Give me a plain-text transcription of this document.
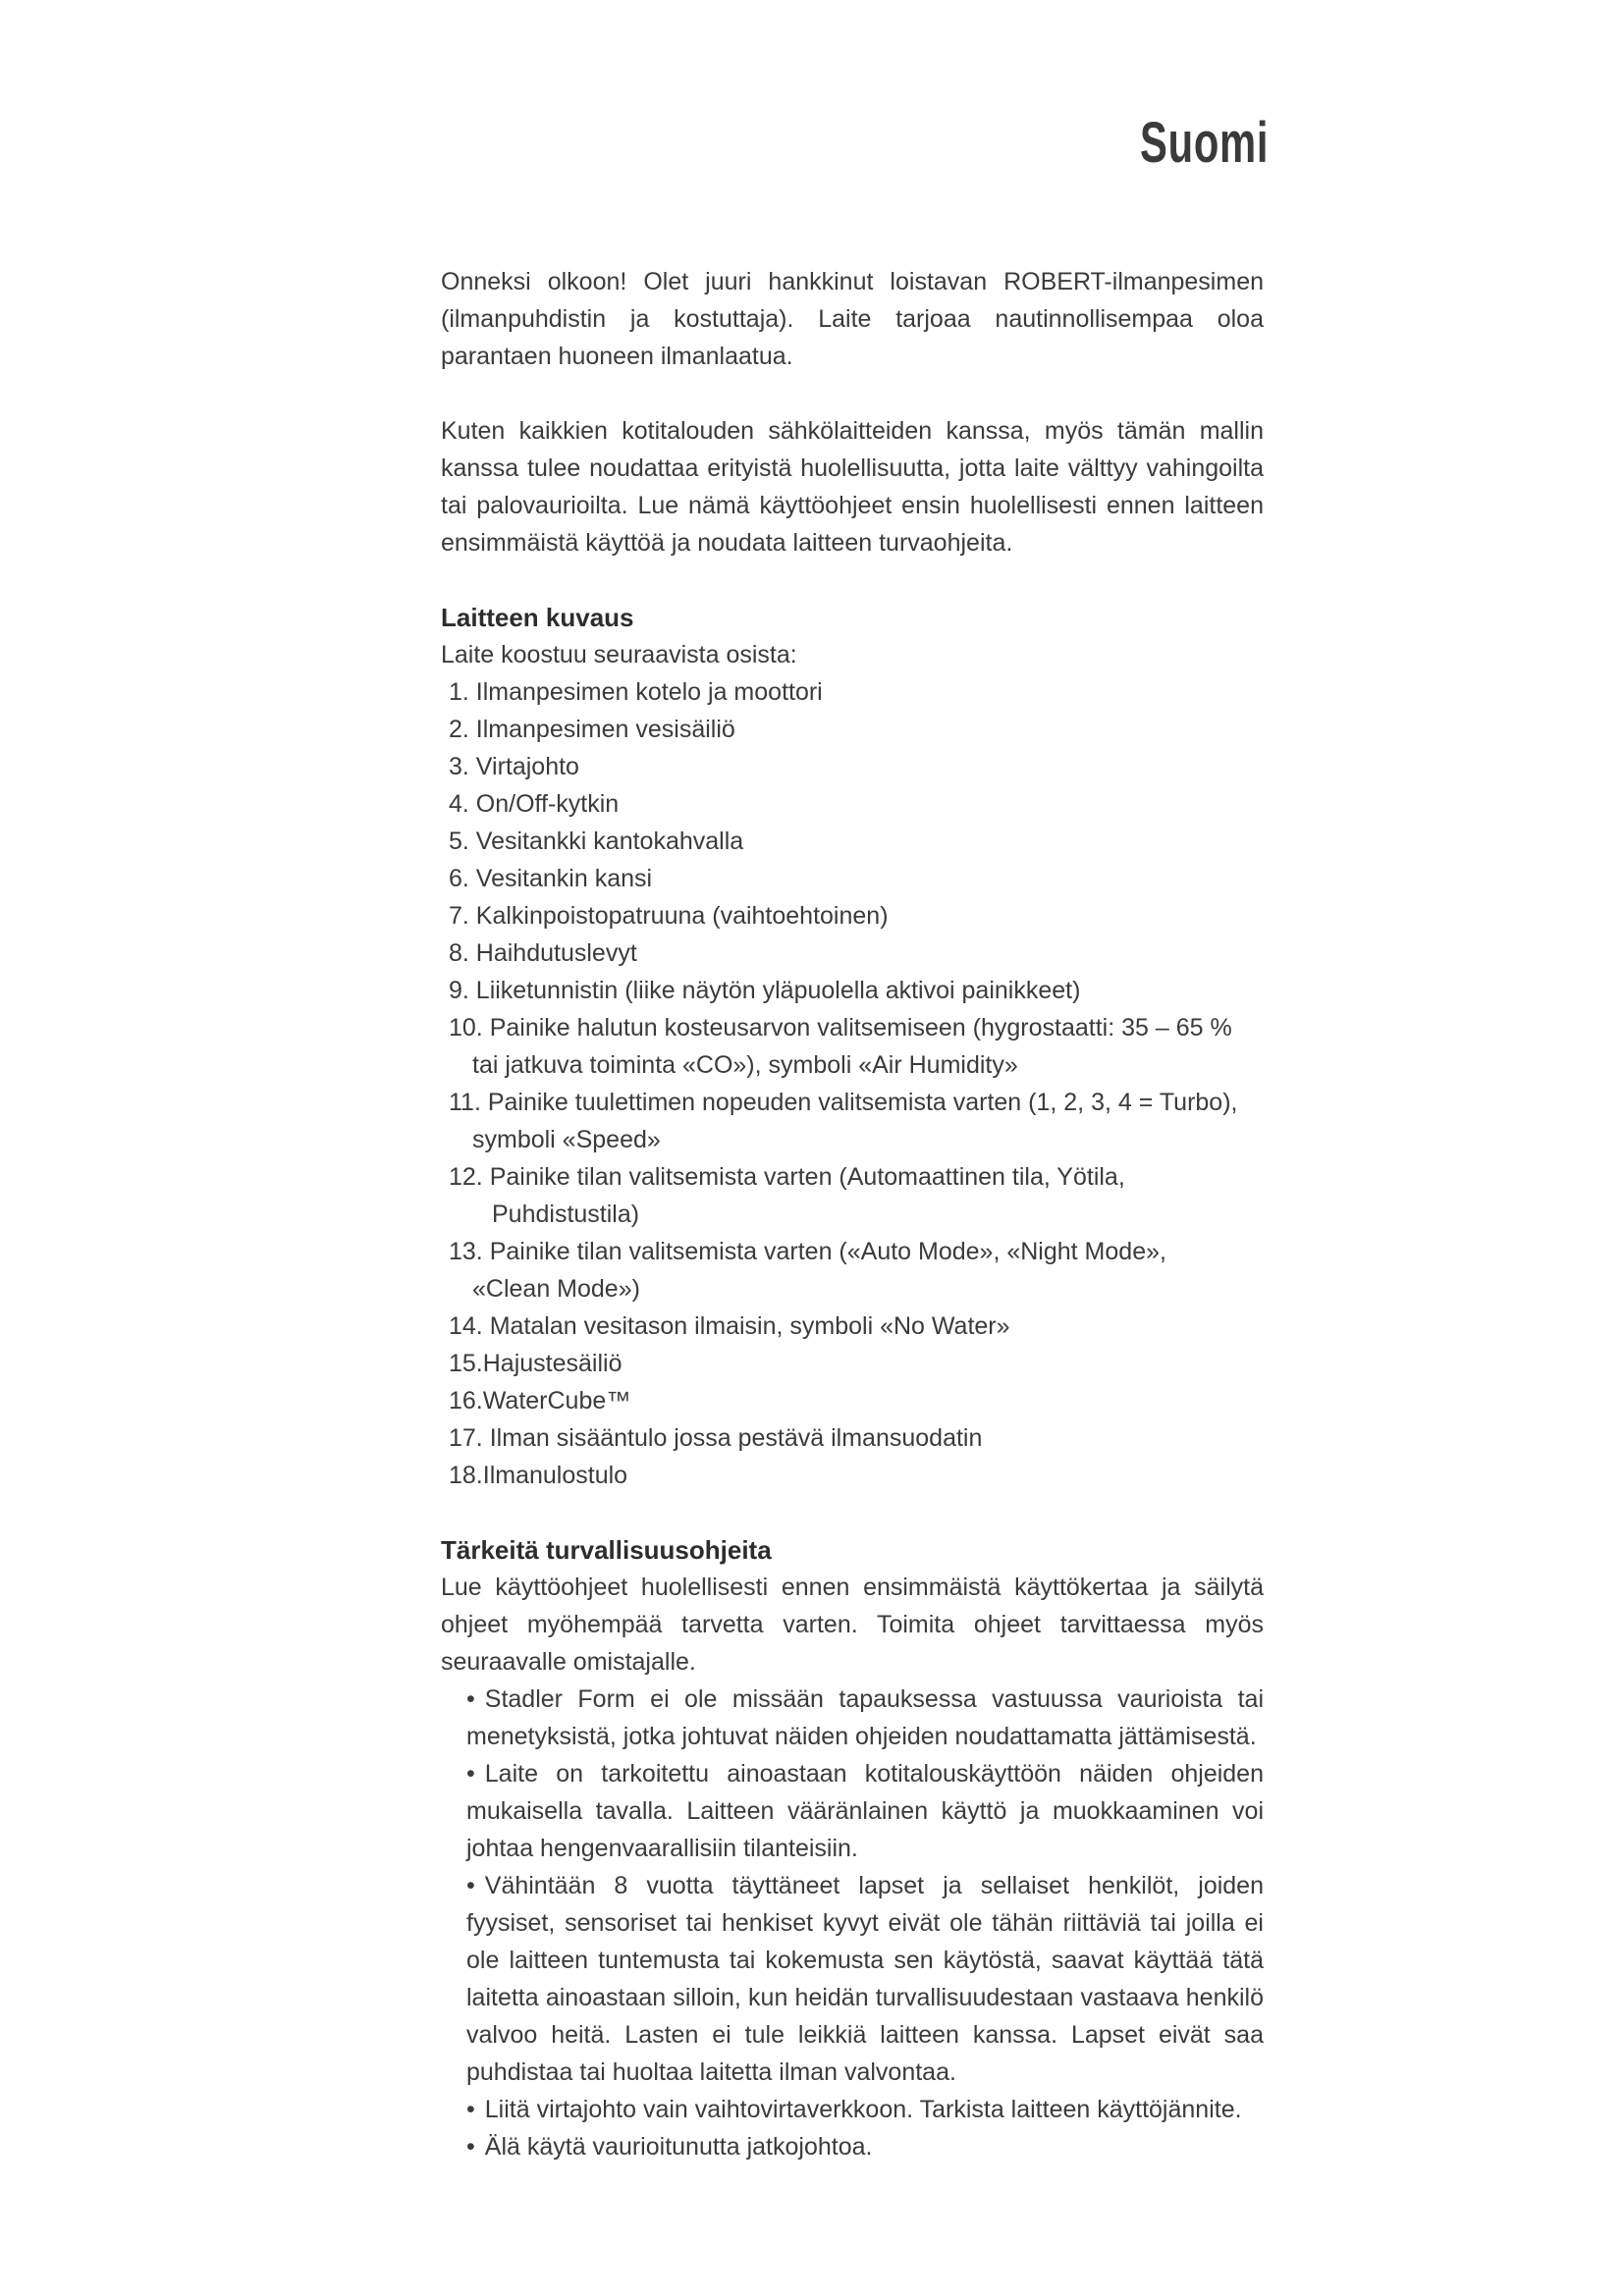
Suomi

Onneksi olkoon! Olet juuri hankkinut loistavan ROBERT-ilmanpesimen (ilmanpuhdistin ja kostuttaja). Laite tarjoaa nautinnollisempaa oloa parantaen huoneen ilmanlaatua.

Kuten kaikkien kotitalouden sähkölaitteiden kanssa, myös tämän mallin kanssa tulee noudattaa erityistä huolellisuutta, jotta laite välttyy vahingoilta tai palovaurioilta. Lue nämä käyttöohjeet ensin huolellisesti ennen laitteen ensimmäistä käyttöä ja noudata laitteen turvaohjeita.

Laitteen kuvaus

Laite koostuu seuraavista osista:

1. Ilmanpesimen kotelo ja moottori
2. Ilmanpesimen vesisäiliö
3. Virtajohto
4. On/Off-kytkin
5. Vesitankki kantokahvalla
6. Vesitankin kansi
7. Kalkinpoistopatruuna (vaihtoehtoinen)
8. Haihdutuslevyt
9. Liiketunnistin (liike näytön yläpuolella aktivoi painikkeet)
10. Painike halutun kosteusarvon valitsemiseen (hygrostaatti: 35 – 65 %
tai jatkuva toiminta «CO»), symboli «Air Humidity»
11. Painike tuulettimen nopeuden valitsemista varten (1, 2, 3, 4 = Turbo),
symboli «Speed»
12. Painike tilan valitsemista varten (Automaattinen tila, Yötila,
Puhdistustila)
13. Painike tilan valitsemista varten («Auto Mode», «Night Mode»,
«Clean Mode»)
14. Matalan vesitason ilmaisin, symboli «No Water»
15.Hajustesäiliö
16.WaterCube™
17. Ilman sisääntulo jossa pestävä ilmansuodatin
18.Ilmanulostulo

Tärkeitä turvallisuusohjeita

Lue käyttöohjeet huolellisesti ennen ensimmäistä käyttökertaa ja säilytä ohjeet myöhempää tarvetta varten. Toimita ohjeet tarvittaessa myös seuraavalle omistajalle.

• Stadler Form ei ole missään tapauksessa vastuussa vaurioista tai menetyksistä, jotka johtuvat näiden ohjeiden noudattamatta jättämisestä.
• Laite on tarkoitettu ainoastaan kotitalouskäyttöön näiden ohjeiden mukaisella tavalla. Laitteen vääränlainen käyttö ja muokkaaminen voi johtaa hengenvaarallisiin tilanteisiin.
• Vähintään 8 vuotta täyttäneet lapset ja sellaiset henkilöt, joiden fyysiset, sensoriset tai henkiset kyvyt eivät ole tähän riittäviä tai joilla ei ole laitteen tuntemusta tai kokemusta sen käytöstä, saavat käyttää tätä laitetta ainoastaan silloin, kun heidän turvallisuudestaan vastaava henkilö valvoo heitä. Lasten ei tule leikkiä laitteen kanssa. Lapset eivät saa puhdistaa tai huoltaa laitetta ilman valvontaa.
• Liitä virtajohto vain vaihtovirtaverkkoon. Tarkista laitteen käyttöjännite.
• Älä käytä vaurioitunutta jatkojohtoa.
